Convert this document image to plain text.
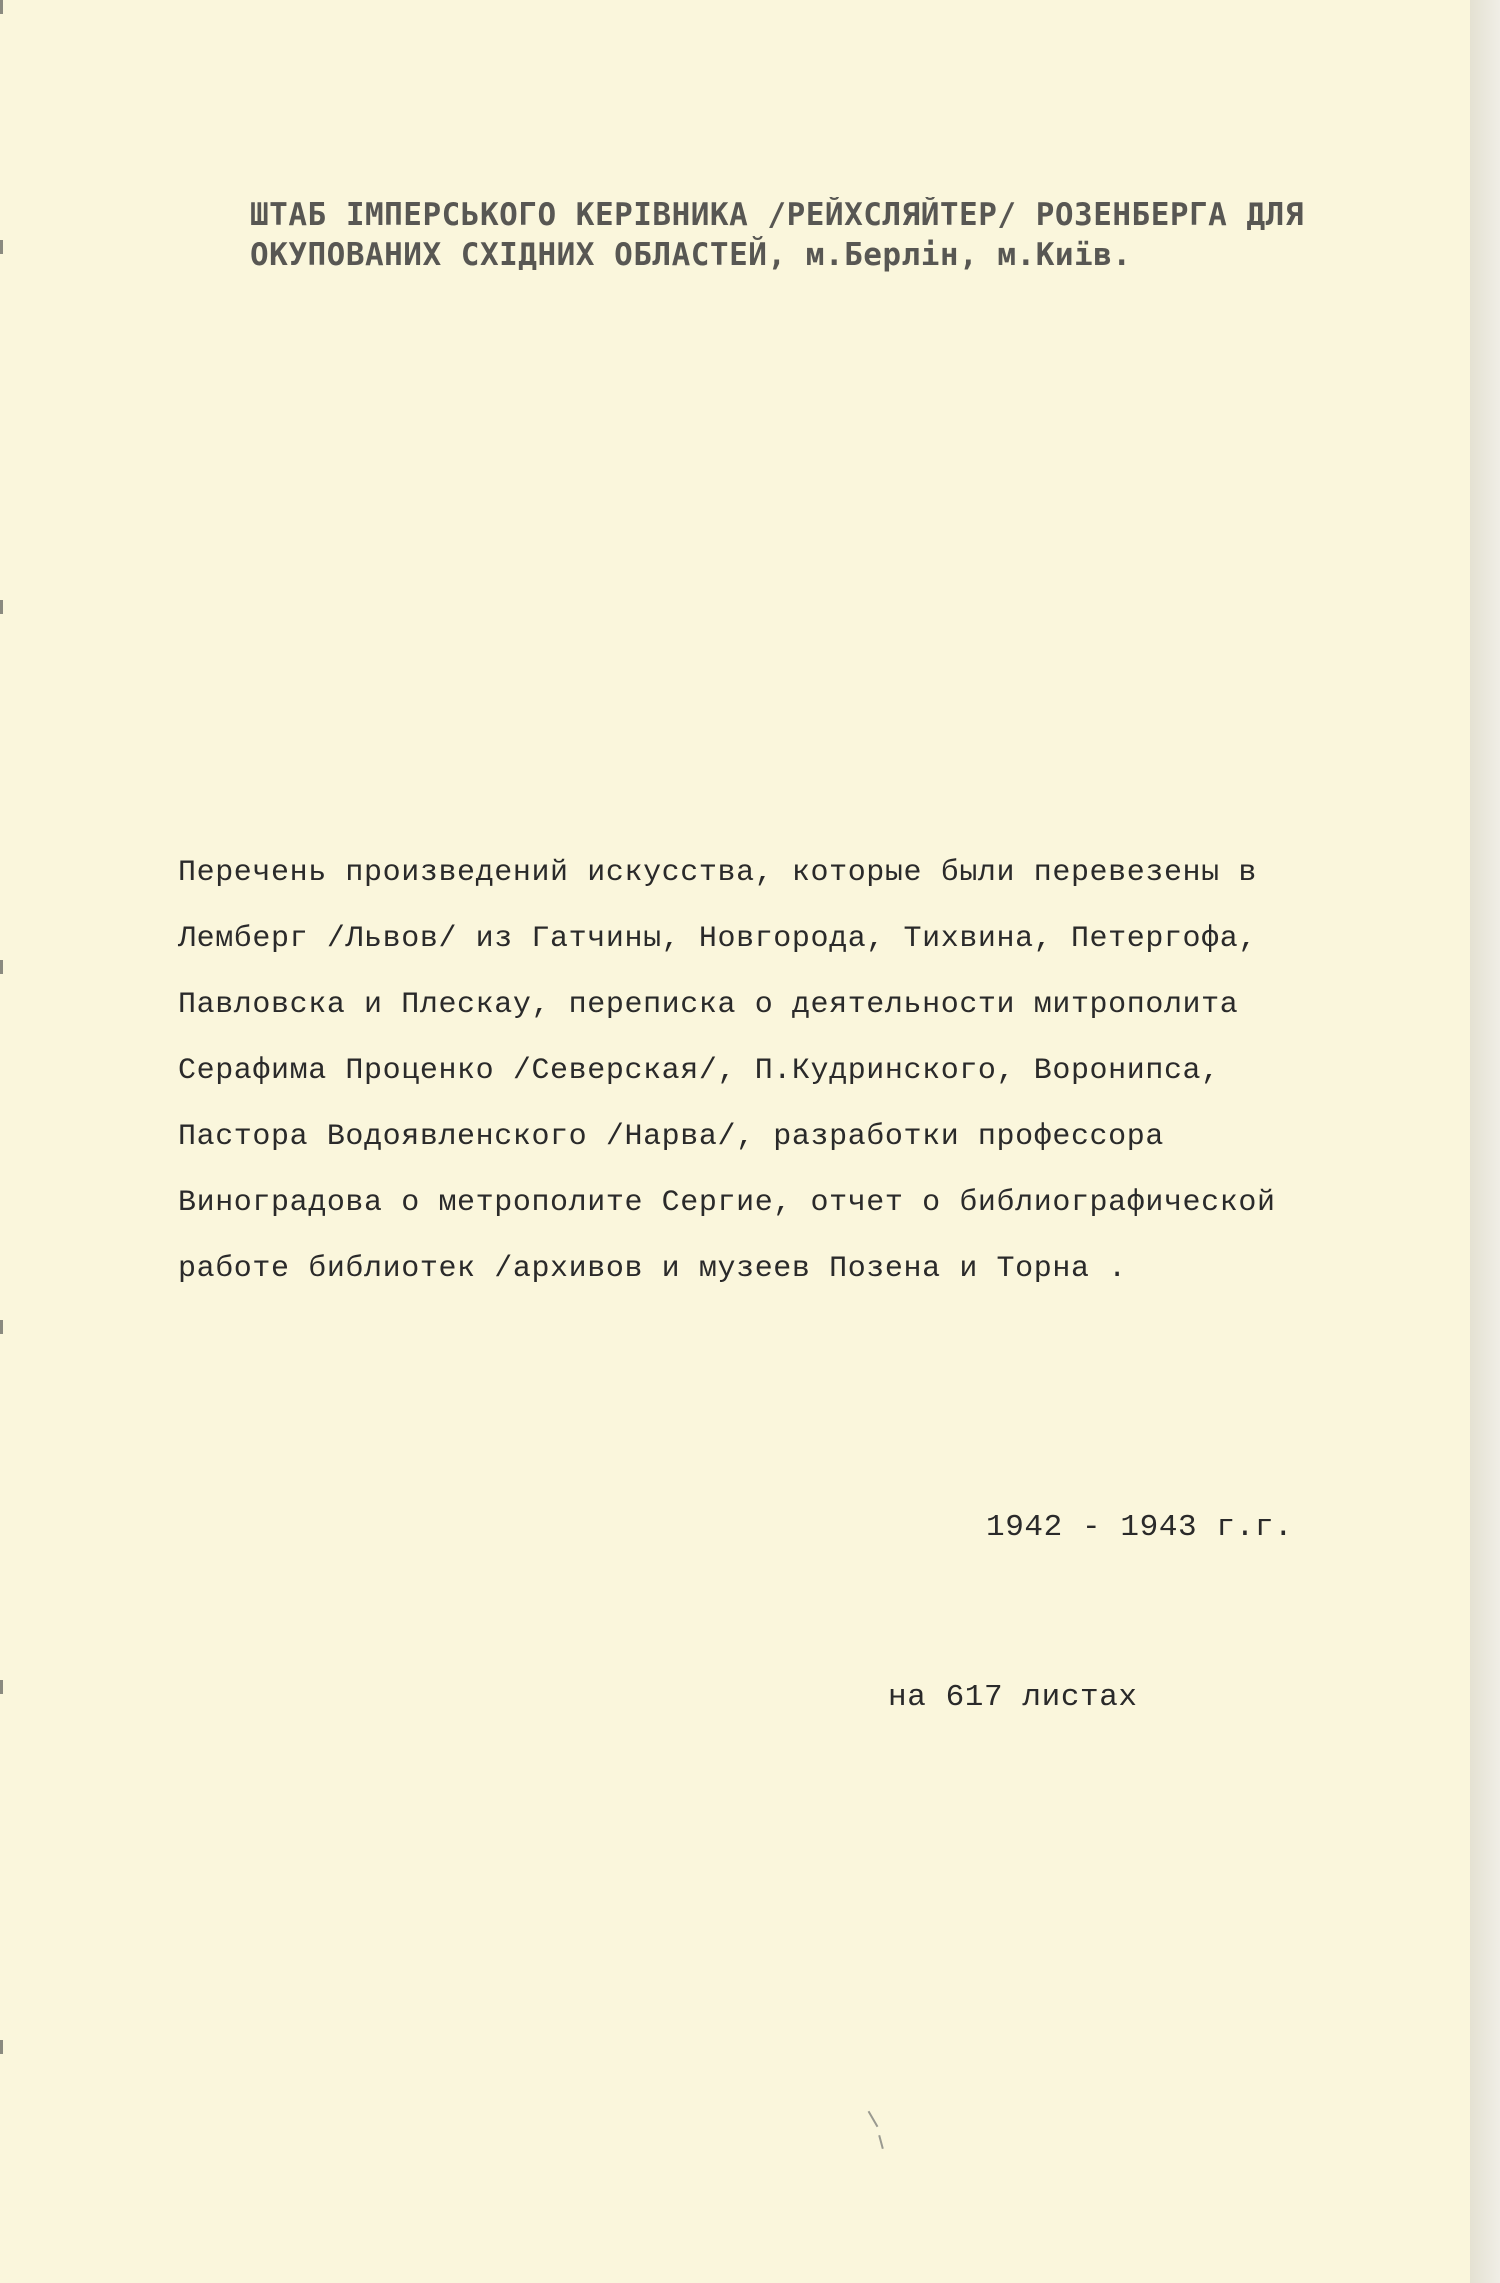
ШТАБ ІМПЕРСЬКОГО КЕРІВНИКА /РЕЙХСЛЯЙТЕР/ РОЗЕНБЕРГА ДЛЯ
ОКУПОВАНИХ СХІДНИХ ОБЛАСТЕЙ, м.Берлін, м.Київ.
Перечень произведений искусства, которые были перевезены в
Лемберг /Львов/ из Гатчины, Новгорода, Тихвина, Петергофа,
Павловска и Плескау, переписка о деятельности митрополита
Серафима Проценко /Северская/, П.Кудринского, Воронипса,
Пастора Водоявленского /Нарва/, разработки профессора
Виноградова о метрополите Сергие, отчет о библиографической
работе библиотек /архивов и музеев Позена и Торна .
1942 - 1943 г.г.
на 617 листах
